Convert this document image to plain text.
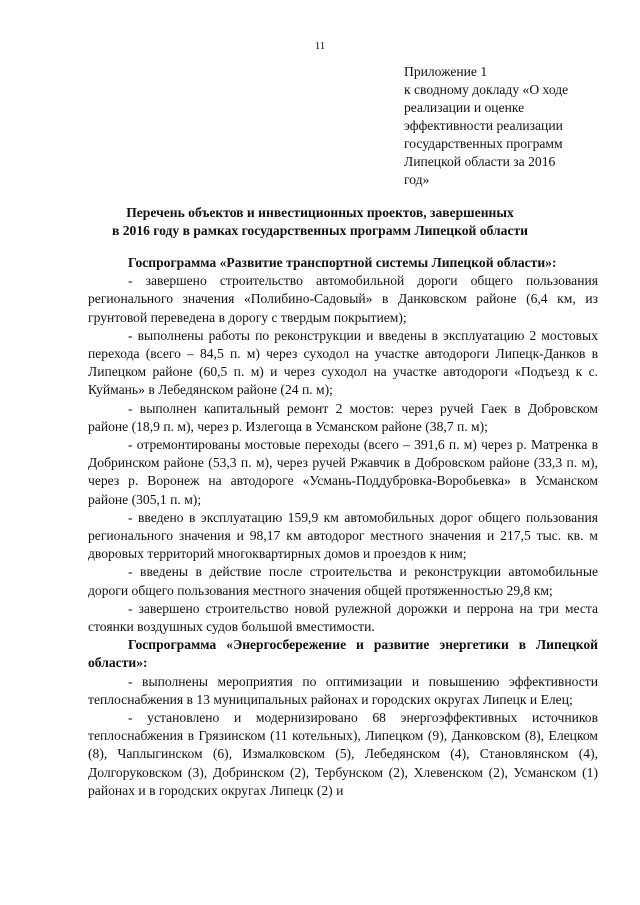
11
Приложение 1
к сводному докладу «О ходе
реализации и оценке
эффективности реализации
государственных программ
Липецкой области за 2016
год»
Перечень объектов и инвестиционных проектов, завершенных
в 2016 году в рамках государственных программ Липецкой области

Госпрограмма «Развитие транспортной системы Липецкой области»:

- завершено строительство автомобильной дороги общего пользования регионального значения «Полибино-Садовый» в Данковском районе (6,4 км, из грунтовой переведена в дорогу с твердым покрытием);

- выполнены работы по реконструкции и введены в эксплуатацию 2 мостовых перехода (всего – 84,5 п. м) через суходол на участке автодороги Липецк-Данков в Липецком районе (60,5 п. м) и через суходол на участке автодороги «Подъезд к с. Куймань» в Лебедянском районе (24 п. м);

- выполнен капитальный ремонт 2 мостов: через ручей Гаек в Добровском районе (18,9 п. м), через р. Излегоща в Усманском районе (38,7 п. м);

- отремонтированы мостовые переходы (всего – 391,6 п. м) через р. Матренка в Добринском районе (53,3 п. м), через ручей Ржавчик в Добровском районе (33,3 п. м), через р. Воронеж на автодороге «Усмань-Поддубровка-Воробьевка» в Усманском районе (305,1 п. м);

- введено в эксплуатацию 159,9 км автомобильных дорог общего пользования регионального значения и 98,17 км автодорог местного значения и 217,5 тыс. кв. м дворовых территорий многоквартирных домов и проездов к ним;

- введены в действие после строительства и реконструкции автомобильные дороги общего пользования местного значения общей протяженностью 29,8 км;

- завершено строительство новой рулежной дорожки и перрона на три места стоянки воздушных судов большой вместимости.

Госпрограмма «Энергосбережение и развитие энергетики в Липецкой области»:

- выполнены мероприятия по оптимизации и повышению эффективности теплоснабжения в 13 муниципальных районах и городских округах Липецк и Елец;

- установлено и модернизировано 68 энергоэффективных источников теплоснабжения в Грязинском (11 котельных), Липецком (9), Данковском (8), Елецком (8), Чаплыгинском (6), Измалковском (5), Лебедянском (4), Становлянском (4), Долгоруковском (3), Добринском (2), Тербунском (2), Хлевенском (2), Усманском (1) районах и в городских округах Липецк (2) и
